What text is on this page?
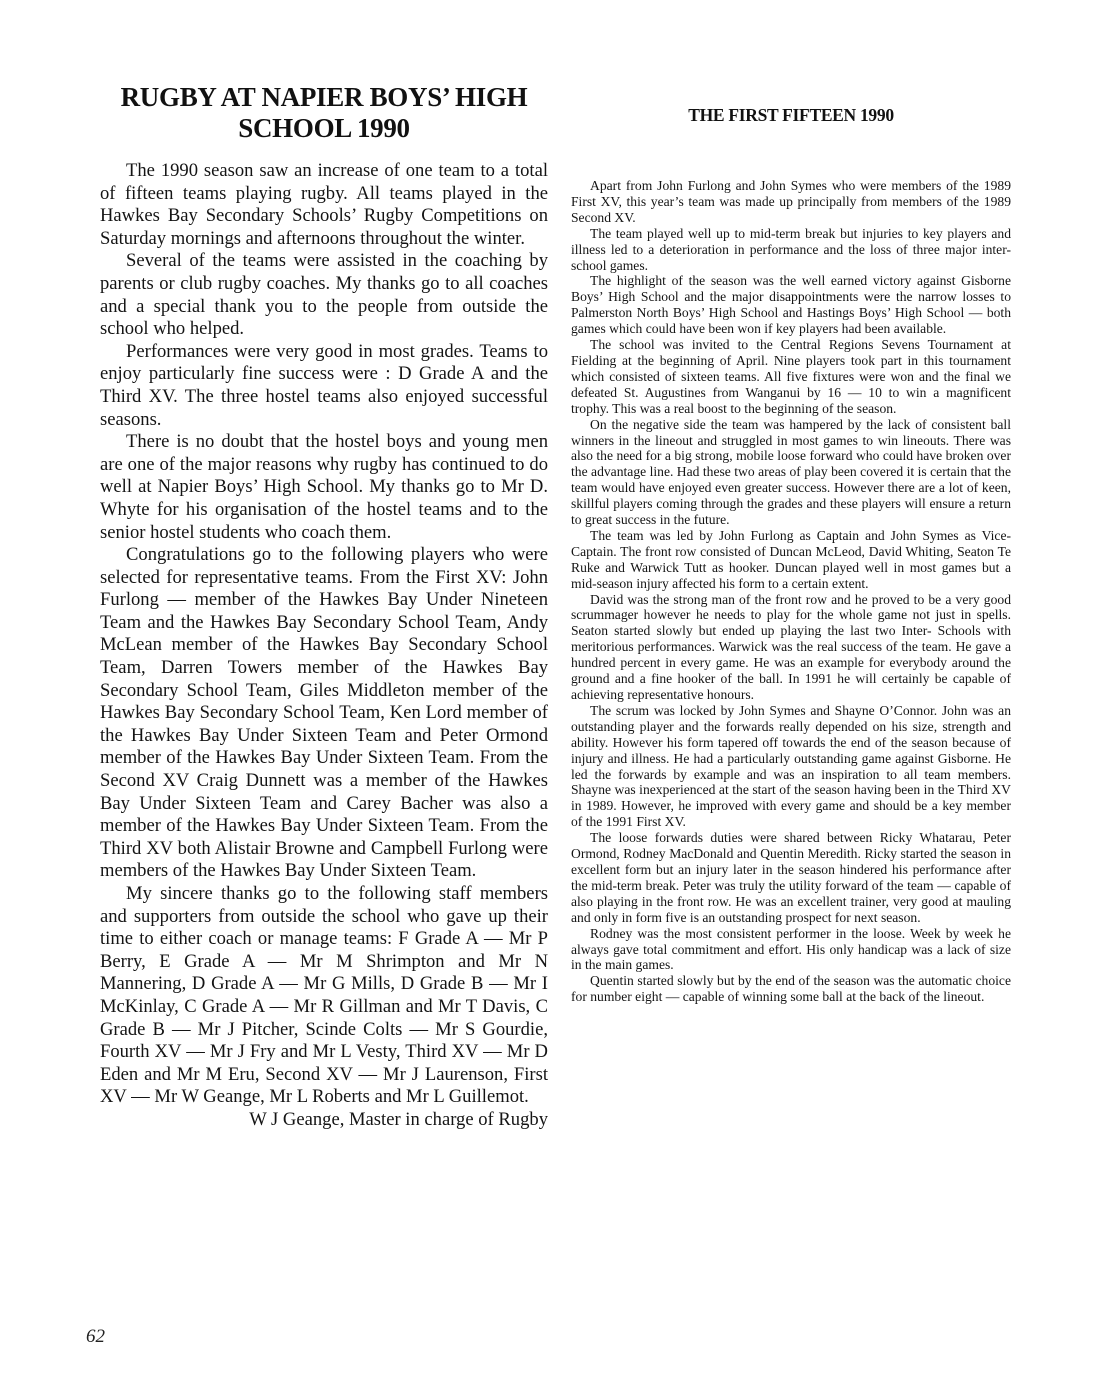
RUGBY AT NAPIER BOYS’ HIGH SCHOOL 1990

The 1990 season saw an increase of one team to a total of fifteen teams playing rugby. All teams played in the Hawkes Bay Secondary Schools’ Rugby Competitions on Saturday mornings and afternoons throughout the winter.

Several of the teams were assisted in the coaching by parents or club rugby coaches. My thanks go to all coaches and a special thank you to the people from outside the school who helped.

Performances were very good in most grades. Teams to enjoy particularly fine success were : D Grade A and the Third XV. The three hostel teams also enjoyed successful seasons.

There is no doubt that the hostel boys and young men are one of the major reasons why rugby has continued to do well at Napier Boys’ High School. My thanks go to Mr D. Whyte for his organisation of the hostel teams and to the senior hostel students who coach them.

Congratulations go to the following players who were selected for representative teams. From the First XV: John Furlong — member of the Hawkes Bay Under Nineteen Team and the Hawkes Bay Secondary School Team, Andy McLean member of the Hawkes Bay Secondary School Team, Darren Towers member of the Hawkes Bay Secondary School Team, Giles Middleton member of the Hawkes Bay Secondary School Team, Ken Lord member of the Hawkes Bay Under Sixteen Team and Peter Ormond member of the Hawkes Bay Under Sixteen Team. From the Second XV Craig Dunnett was a member of the Hawkes Bay Under Sixteen Team and Carey Bacher was also a member of the Hawkes Bay Under Sixteen Team. From the Third XV both Alistair Browne and Campbell Furlong were members of the Hawkes Bay Under Sixteen Team.

My sincere thanks go to the following staff members and supporters from outside the school who gave up their time to either coach or manage teams: F Grade A — Mr P Berry, E Grade A — Mr M Shrimpton and Mr N Mannering, D Grade A — Mr G Mills, D Grade B — Mr I McKinlay, C Grade A — Mr R Gillman and Mr T Davis, C Grade B — Mr J Pitcher, Scinde Colts — Mr S Gourdie, Fourth XV — Mr J Fry and Mr L Vesty, Third XV — Mr D Eden and Mr M Eru, Second XV — Mr J Laurenson, First XV — Mr W Geange, Mr L Roberts and Mr L Guillemot.

W J Geange, Master in charge of Rugby

THE FIRST FIFTEEN 1990

Apart from John Furlong and John Symes who were members of the 1989 First XV, this year’s team was made up principally from members of the 1989 Second XV.

The team played well up to mid-term break but injuries to key players and illness led to a deterioration in performance and the loss of three major inter-school games.

The highlight of the season was the well earned victory against Gisborne Boys’ High School and the major disappointments were the narrow losses to Palmerston North Boys’ High School and Hastings Boys’ High School — both games which could have been won if key players had been available.

The school was invited to the Central Regions Sevens Tournament at Fielding at the beginning of April. Nine players took part in this tournament which consisted of sixteen teams. All five fixtures were won and the final we defeated St. Augustines from Wanganui by 16 — 10 to win a magnificent trophy. This was a real boost to the beginning of the season.

On the negative side the team was hampered by the lack of consistent ball winners in the lineout and struggled in most games to win lineouts. There was also the need for a big strong, mobile loose forward who could have broken over the advantage line. Had these two areas of play been covered it is certain that the team would have enjoyed even greater success. However there are a lot of keen, skillful players coming through the grades and these players will ensure a return to great success in the future.

The team was led by John Furlong as Captain and John Symes as Vice-Captain. The front row consisted of Duncan McLeod, David Whiting, Seaton Te Ruke and Warwick Tutt as hooker. Duncan played well in most games but a mid-season injury affected his form to a certain extent.

David was the strong man of the front row and he proved to be a very good scrummager however he needs to play for the whole game not just in spells. Seaton started slowly but ended up playing the last two Inter- Schools with meritorious performances. Warwick was the real success of the team. He gave a hundred percent in every game. He was an example for everybody around the ground and a fine hooker of the ball. In 1991 he will certainly be capable of achieving representative honours.

The scrum was locked by John Symes and Shayne O’Connor. John was an outstanding player and the forwards really depended on his size, strength and ability. However his form tapered off towards the end of the season because of injury and illness. He had a particularly outstanding game against Gisborne. He led the forwards by example and was an inspiration to all team members. Shayne was inexperienced at the start of the season having been in the Third XV in 1989. However, he improved with every game and should be a key member of the 1991 First XV.

The loose forwards duties were shared between Ricky Whatarau, Peter Ormond, Rodney MacDonald and Quentin Meredith. Ricky started the season in excellent form but an injury later in the season hindered his performance after the mid-term break. Peter was truly the utility forward of the team — capable of also playing in the front row. He was an excellent trainer, very good at mauling and only in form five is an outstanding prospect for next season.

Rodney was the most consistent performer in the loose. Week by week he always gave total commitment and effort. His only handicap was a lack of size in the main games.

Quentin started slowly but by the end of the season was the automatic choice for number eight — capable of winning some ball at the back of the lineout.

62
